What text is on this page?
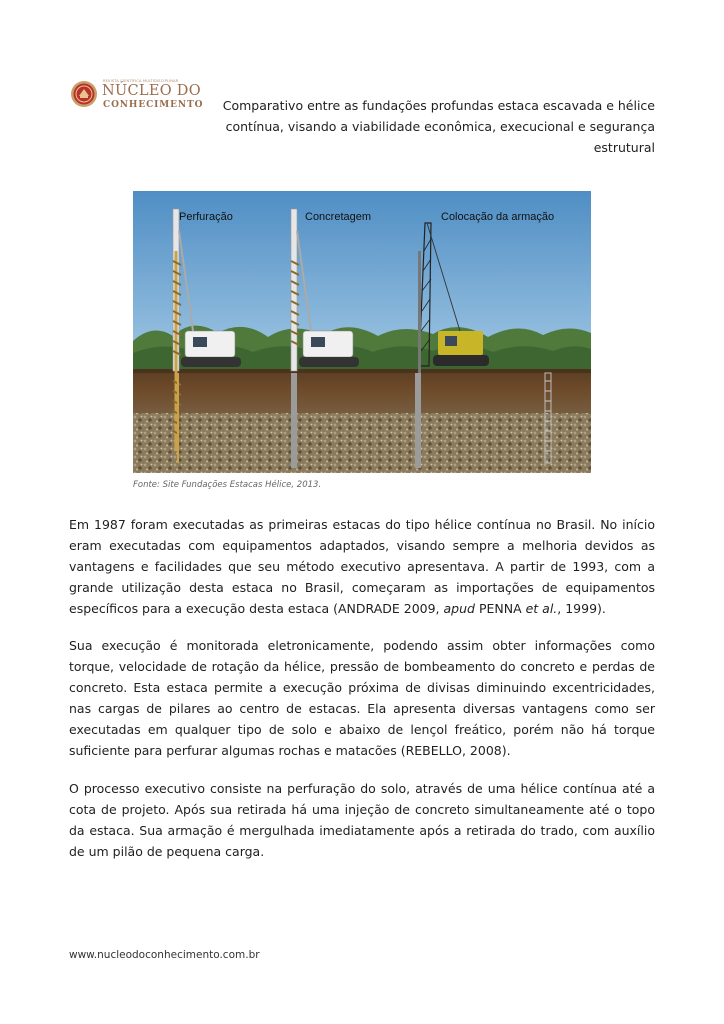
REVISTA CIENTÍFICA MULTIDISCIPLINAR
NÚCLEO DO
CONHECIMENTO	Comparativo entre as fundações profundas estaca escavada e hélice contínua, visando a viabilidade econômica, execucional e segurança estrutural
Perfuração	Concretagem	Colocação da armação
Fonte: Site Fundações Estacas Hélice, 2013.

Em 1987 foram executadas as primeiras estacas do tipo hélice contínua no Brasil. No início eram executadas com equipamentos adaptados, visando sempre a melhoria devidos as vantagens e facilidades que seu método executivo apresentava. A partir de 1993, com a grande utilização desta estaca no Brasil, começaram as importações de equipamentos específicos para a execução desta estaca (ANDRADE 2009, apud PENNA et al., 1999).

Sua execução é monitorada eletronicamente, podendo assim obter informações como torque, velocidade de rotação da hélice, pressão de bombeamento do concreto e perdas de concreto. Esta estaca permite a execução próxima de divisas diminuindo excentricidades, nas cargas de pilares ao centro de estacas. Ela apresenta diversas vantagens como ser executadas em qualquer tipo de solo e abaixo de lençol freático, porém não há torque suficiente para perfurar algumas rochas e matacões (REBELLO, 2008).

O processo executivo consiste na perfuração do solo, através de uma hélice contínua até a cota de projeto. Após sua retirada há uma injeção de concreto simultaneamente até o topo da estaca. Sua armação é mergulhada imediatamente após a retirada do trado, com auxílio de um pilão de pequena carga.

www.nucleodoconhecimento.com.br
